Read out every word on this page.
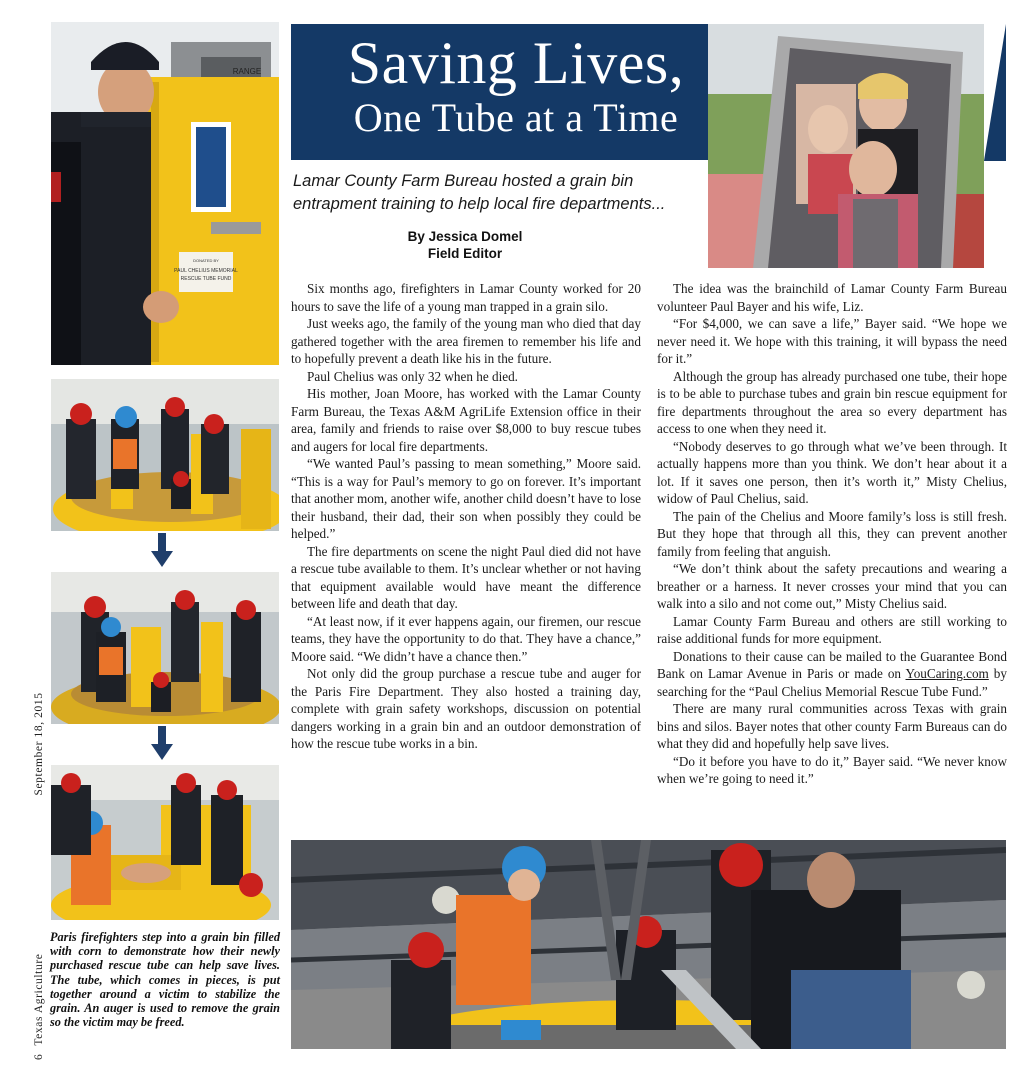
DONATED BY
PAUL CHELIUS MEMORIAL
RESCUE TUBE FUND
RANGE
6
Texas Agriculture
September 18, 2015
Paris firefighters step into a grain bin filled with corn to demonstrate how their newly purchased rescue tube can help save lives. The tube, which comes in pieces, is put together around a victim to stabilize the grain. An auger is used to remove the grain so the victim may be freed.
Saving Lives,
One Tube at a Time
Lamar County Farm Bureau hosted a grain bin entrapment training to help local fire departments...
By Jessica Domel
Field Editor

Six months ago, firefighters in Lamar County worked for 20 hours to save the life of a young man trapped in a grain silo.

Just weeks ago, the family of the young man who died that day gathered together with the area firemen to remember his life and to hopefully prevent a death like his in the future.

Paul Chelius was only 32 when he died.

His mother, Joan Moore, has worked with the Lamar County Farm Bureau, the Texas A&M AgriLife Extension office in their area, family and friends to raise over $8,000 to buy rescue tubes and augers for local fire departments.

“We wanted Paul’s passing to mean something,” Moore said. “This is a way for Paul’s memory to go on forever. It’s important that another mom, another wife, another child doesn’t have to lose their husband, their dad, their son when possibly they could be helped.”

The fire departments on scene the night Paul died did not have a rescue tube available to them. It’s unclear whether or not having that equipment available would have meant the difference between life and death that day.

“At least now, if it ever happens again, our firemen, our rescue teams, they have the opportunity to do that. They have a chance,” Moore said. “We didn’t have a chance then.”

Not only did the group purchase a rescue tube and auger for the Paris Fire Department. They also hosted a training day, complete with grain safety workshops, discussion on potential dangers working in a grain bin and an outdoor demonstration of how the rescue tube works in a bin.

The idea was the brainchild of Lamar County Farm Bureau volunteer Paul Bayer and his wife, Liz.

“For $4,000, we can save a life,” Bayer said. “We hope we never need it. We hope with this training, it will bypass the need for it.”

Although the group has already purchased one tube, their hope is to be able to purchase tubes and grain bin rescue equipment for fire departments throughout the area so every department has access to one when they need it.

“Nobody deserves to go through what we’ve been through. It actually happens more than you think. We don’t hear about it a lot. If it saves one person, then it’s worth it,” Misty Chelius, widow of Paul Chelius, said.

The pain of the Chelius and Moore family’s loss is still fresh. But they hope that through all this, they can prevent another family from feeling that anguish.

“We don’t think about the safety precautions and wearing a breather or a harness. It never crosses your mind that you can walk into a silo and not come out,” Misty Chelius said.

Lamar County Farm Bureau and others are still working to raise additional funds for more equipment.

Donations to their cause can be mailed to the Guarantee Bond Bank on Lamar Avenue in Paris or made on YouCaring.com by searching for the “Paul Chelius Memorial Rescue Tube Fund.”

There are many rural communities across Texas with grain bins and silos. Bayer notes that other county Farm Bureaus can do what they did and hopefully help save lives.

“Do it before you have to do it,” Bayer said. “We never know when we’re going to need it.”
